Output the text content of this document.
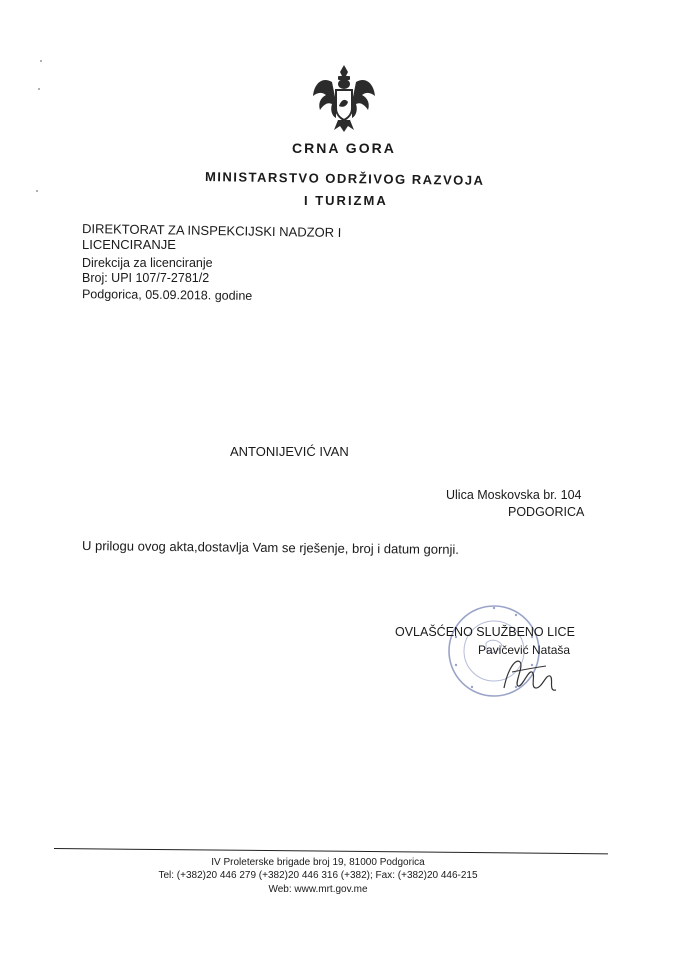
CRNA GORA
MINISTARSTVO ODRŽIVOG RAZVOJA
I TURIZMA
DIREKTORAT ZA INSPEKCIJSKI NADZOR I
LICENCIRANJE
Direkcija za licenciranje
Broj: UPI 107/7-2781/2
Podgorica, 05.09.2018. godine
ANTONIJEVIĆ IVAN
Ulica Moskovska br. 104
PODGORICA
U prilogu ovog akta,dostavlja Vam se rješenje, broj i datum gornji.
OVLAŠĆENO SLUŽBENO LICE
Pavičević Nataša
IV Proleterske brigade broj 19, 81000 Podgorica
Tel: (+382)20 446 279 (+382)20 446 316 (+382); Fax: (+382)20 446-215
Web: www.mrt.gov.me
